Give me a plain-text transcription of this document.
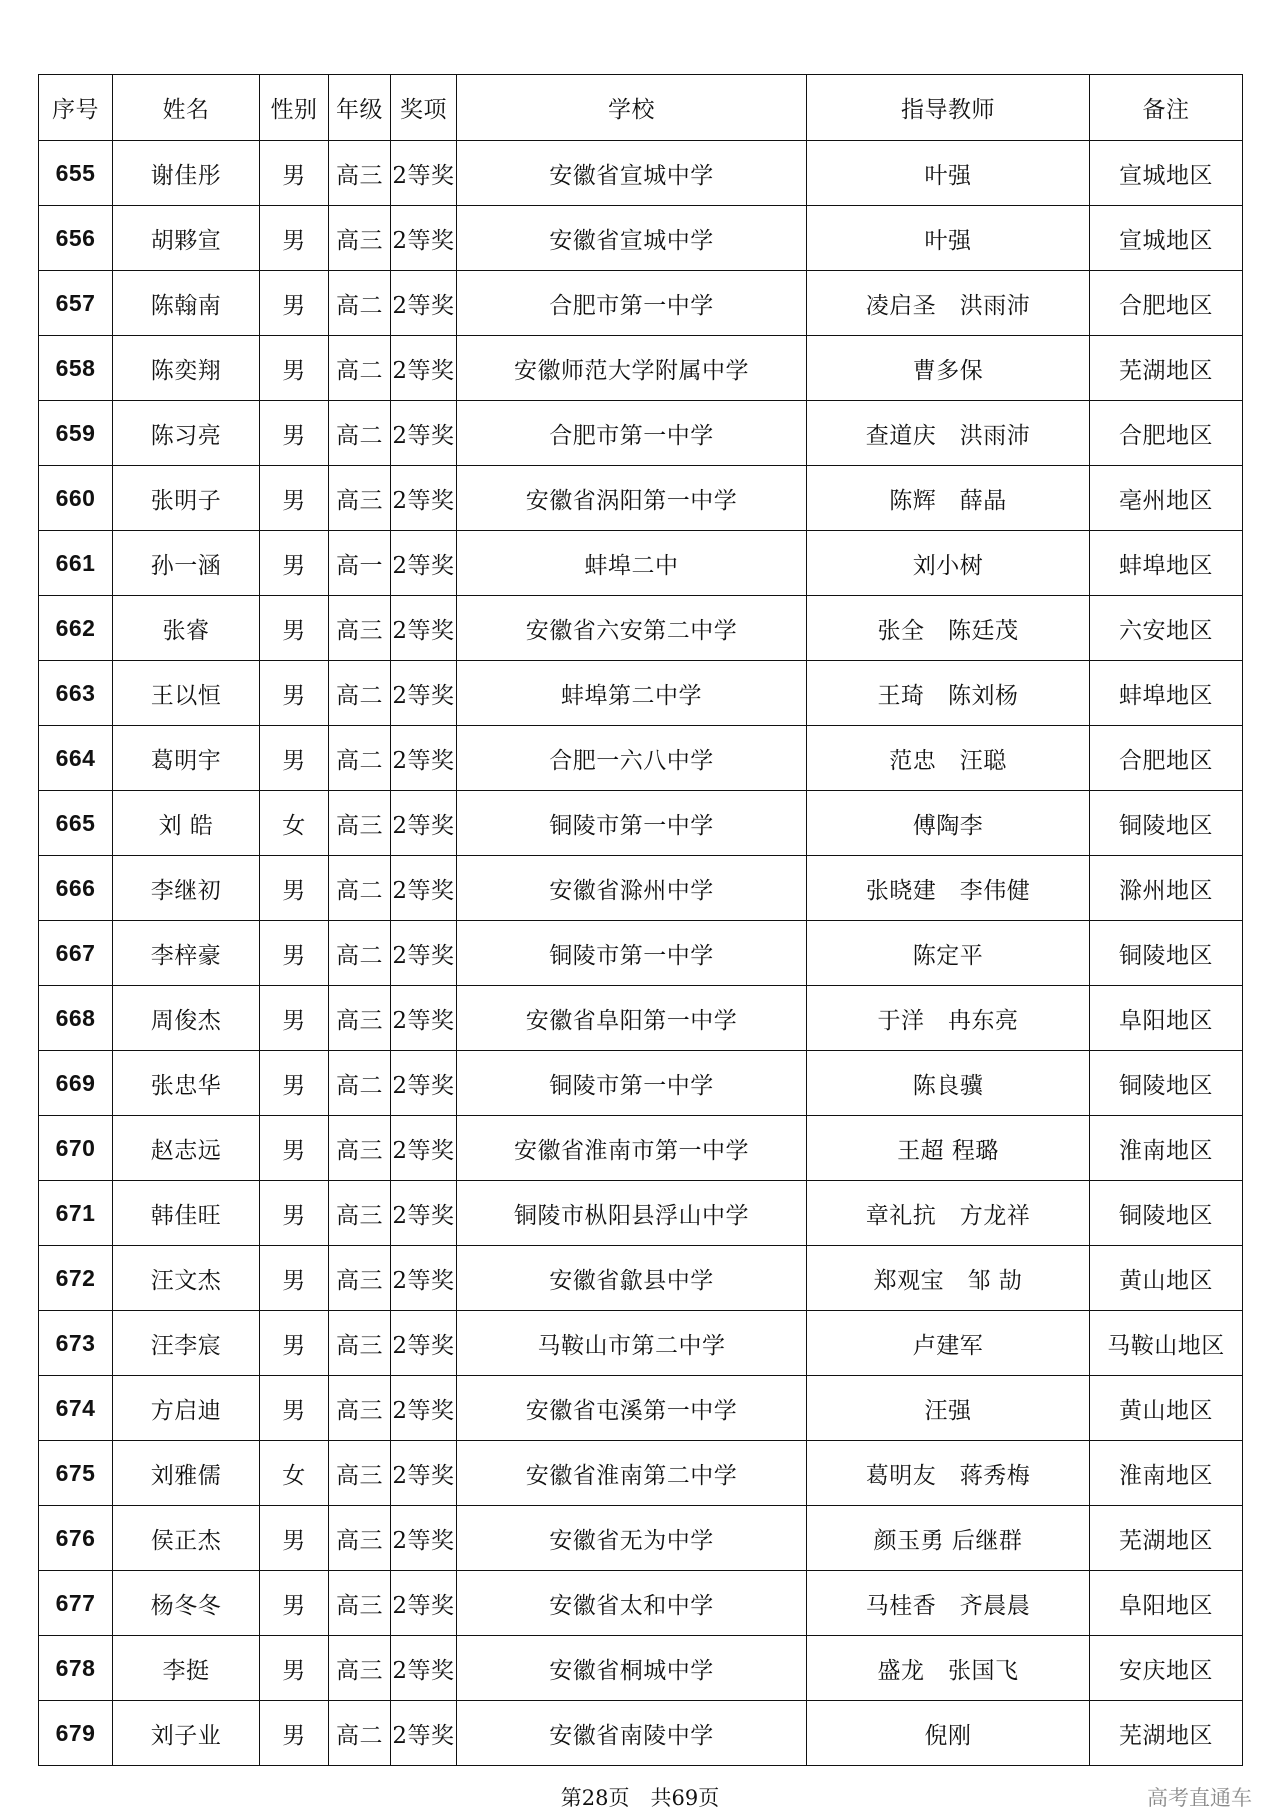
序号	姓名	性别	年级	奖项	学校	指导教师	备注
655	谢佳彤	男	高三	2等奖	安徽省宣城中学	叶强	宣城地区
656	胡夥宣	男	高三	2等奖	安徽省宣城中学	叶强	宣城地区
657	陈翰南	男	高二	2等奖	合肥市第一中学	凌启圣　洪雨沛	合肥地区
658	陈奕翔	男	高二	2等奖	安徽师范大学附属中学	曹多保	芜湖地区
659	陈习亮	男	高二	2等奖	合肥市第一中学	查道庆　洪雨沛	合肥地区
660	张明子	男	高三	2等奖	安徽省涡阳第一中学	陈辉　薛晶	亳州地区
661	孙一涵	男	高一	2等奖	蚌埠二中	刘小树	蚌埠地区
662	张睿	男	高三	2等奖	安徽省六安第二中学	张全　陈廷茂	六安地区
663	王以恒	男	高二	2等奖	蚌埠第二中学	王琦　陈刘杨	蚌埠地区
664	葛明宇	男	高二	2等奖	合肥一六八中学	范忠　汪聪	合肥地区
665	刘 皓	女	高三	2等奖	铜陵市第一中学	傅陶李	铜陵地区
666	李继初	男	高二	2等奖	安徽省滁州中学	张晓建　李伟健	滁州地区
667	李梓豪	男	高二	2等奖	铜陵市第一中学	陈定平	铜陵地区
668	周俊杰	男	高三	2等奖	安徽省阜阳第一中学	于洋　冉东亮	阜阳地区
669	张忠华	男	高二	2等奖	铜陵市第一中学	陈良骥	铜陵地区
670	赵志远	男	高三	2等奖	安徽省淮南市第一中学	王超 程璐	淮南地区
671	韩佳旺	男	高三	2等奖	铜陵市枞阳县浮山中学	章礼抗　方龙祥	铜陵地区
672	汪文杰	男	高三	2等奖	安徽省歙县中学	郑观宝　邹 劼	黄山地区
673	汪李宸	男	高三	2等奖	马鞍山市第二中学	卢建军	马鞍山地区
674	方启迪	男	高三	2等奖	安徽省屯溪第一中学	汪强	黄山地区
675	刘雅儒	女	高三	2等奖	安徽省淮南第二中学	葛明友　蒋秀梅	淮南地区
676	侯正杰	男	高三	2等奖	安徽省无为中学	颜玉勇 后继群	芜湖地区
677	杨冬冬	男	高三	2等奖	安徽省太和中学	马桂香　齐晨晨	阜阳地区
678	李挺	男	高三	2等奖	安徽省桐城中学	盛龙　张国飞	安庆地区
679	刘子业	男	高二	2等奖	安徽省南陵中学	倪刚	芜湖地区
第28页　共69页	高考直通车
